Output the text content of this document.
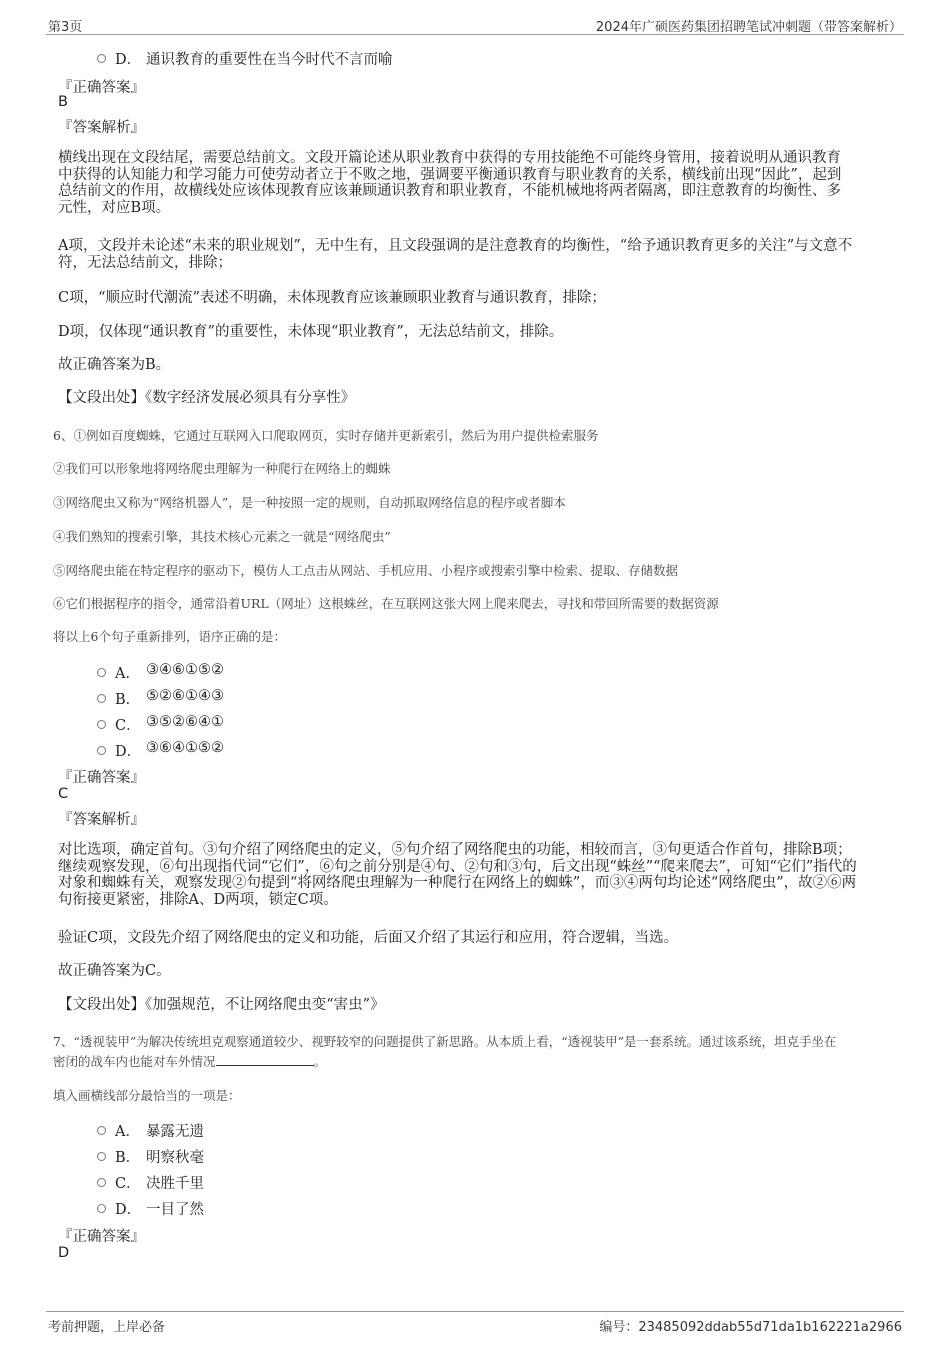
第3页	2024年广硕医药集团招聘笔试冲刺题（带答案解析）
D． 通识教育的重要性在当今时代不言而喻
『正确答案』
B
『答案解析』
横线出现在文段结尾，需要总结前文。文段开篇论述从职业教育中获得的专用技能绝不可能终身管用，接着说明从通识教育
中获得的认知能力和学习能力可使劳动者立于不败之地，强调要平衡通识教育与职业教育的关系，横线前出现“因此”，起到
总结前文的作用，故横线处应该体现教育应该兼顾通识教育和职业教育，不能机械地将两者隔离，即注意教育的均衡性、多
元性，对应B项。
A项，文段并未论述“未来的职业规划”，无中生有，且文段强调的是注意教育的均衡性，“给予通识教育更多的关注”与文意不
符，无法总结前文，排除；
C项，“顺应时代潮流”表述不明确，未体现教育应该兼顾职业教育与通识教育，排除；
D项，仅体现“通识教育”的重要性，未体现“职业教育”，无法总结前文，排除。
故正确答案为B。
【文段出处】《数字经济发展必须具有分享性》
6、①例如百度蜘蛛，它通过互联网入口爬取网页，实时存储并更新索引，然后为用户提供检索服务
②我们可以形象地将网络爬虫理解为一种爬行在网络上的蜘蛛
③网络爬虫又称为“网络机器人”，是一种按照一定的规则，自动抓取网络信息的程序或者脚本
④我们熟知的搜索引擎，其技术核心元素之一就是“网络爬虫”
⑤网络爬虫能在特定程序的驱动下，模仿人工点击从网站、手机应用、小程序或搜索引擎中检索、提取、存储数据
⑥它们根据程序的指令，通常沿着URL（网址）这根蛛丝，在互联网这张大网上爬来爬去，寻找和带回所需要的数据资源
将以上6个句子重新排列，语序正确的是：
A． ③④⑥①⑤②
B． ⑤②⑥①④③
C． ③⑤②⑥④①
D． ③⑥④①⑤②
『正确答案』
C
『答案解析』
对比选项，确定首句。③句介绍了网络爬虫的定义，⑤句介绍了网络爬虫的功能，相较而言，③句更适合作首句，排除B项；
继续观察发现，⑥句出现指代词“它们”，⑥句之前分别是④句、②句和③句，后文出现“蛛丝”“爬来爬去”，可知“它们”指代的
对象和蜘蛛有关，观察发现②句提到“将网络爬虫理解为一种爬行在网络上的蜘蛛”，而③④两句均论述“网络爬虫”，故②⑥两
句衔接更紧密，排除A、D两项，锁定C项。
验证C项，文段先介绍了网络爬虫的定义和功能，后面又介绍了其运行和应用，符合逻辑，当选。
故正确答案为C。
【文段出处】《加强规范，不让网络爬虫变“害虫”》
7、“透视装甲”为解决传统坦克观察通道较少、视野较窄的问题提供了新思路。从本质上看，“透视装甲”是一套系统。通过该系统，坦克手坐在
密闭的战车内也能对车外情况	。
填入画横线部分最恰当的一项是：
A． 暴露无遗
B． 明察秋毫
C． 决胜千里
D． 一目了然
『正确答案』
D
考前押题，上岸必备	编号：23485092ddab55d71da1b162221a2966
